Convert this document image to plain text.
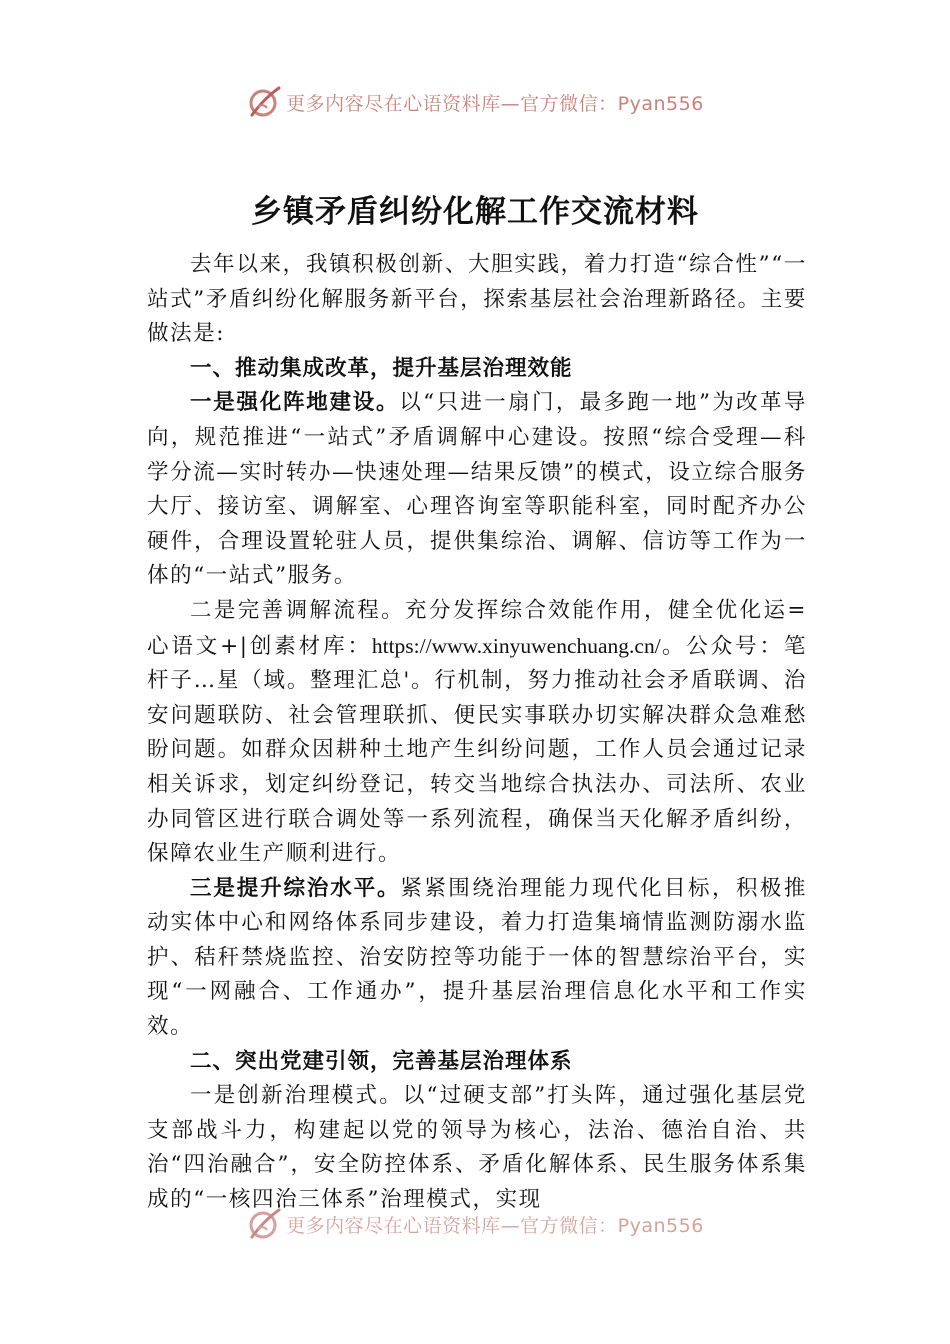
更多内容尽在心语资料库—官方微信：Pyan556
乡镇矛盾纠纷化解工作交流材料

去年以来，我镇积极创新、大胆实践，着力打造“综合性”“一站式”矛盾纠纷化解服务新平台，探索基层社会治理新路径。主要做法是:

一、推动集成改革，提升基层治理效能

一是强化阵地建设。以“只进一扇门，最多跑一地”为改革导向，规范推进“一站式”矛盾调解中心建设。按照“综合受理—科学分流—实时转办—快速处理—结果反馈”的模式，设立综合服务大厅、接访室、调解室、心理咨询室等职能科室，同时配齐办公硬件，合理设置轮驻人员，提供集综治、调解、信访等工作为一体的“一站式”服务。

二是完善调解流程。充分发挥综合效能作用，健全优化运=心语文+|创素材库：https://www.xinyuwenchuang.cn/。公众号：笔杆子…星（域。整理汇总'。行机制，努力推动社会矛盾联调、治安问题联防、社会管理联抓、便民实事联办切实解决群众急难愁盼问题。如群众因耕种土地产生纠纷问题，工作人员会通过记录相关诉求，划定纠纷登记，转交当地综合执法办、司法所、农业办同管区进行联合调处等一系列流程，确保当天化解矛盾纠纷，保障农业生产顺利进行。

三是提升综治水平。紧紧围绕治理能力现代化目标，积极推动实体中心和网络体系同步建设，着力打造集墒情监测防溺水监护、秸秆禁烧监控、治安防控等功能于一体的智慧综治平台，实现“一网融合、工作通办”，提升基层治理信息化水平和工作实效。

二、突出党建引领，完善基层治理体系

一是创新治理模式。以“过硬支部”打头阵，通过强化基层党支部战斗力，构建起以党的领导为核心，法治、德治自治、共治“四治融合”，安全防控体系、矛盾化解体系、民生服务体系集成的“一核四治三体系”治理模式，实现

更多内容尽在心语资料库—官方微信：Pyan556
